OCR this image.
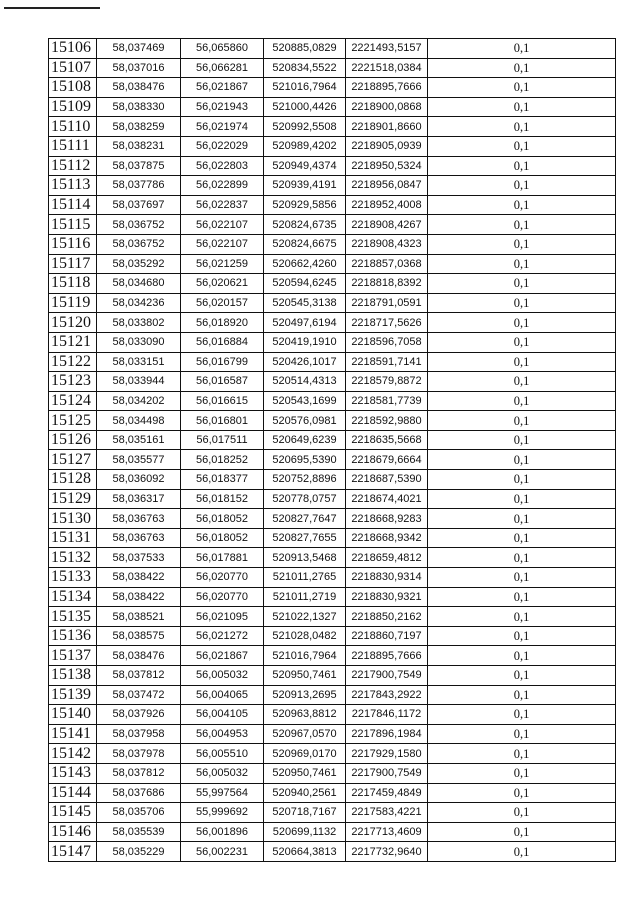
15106	58,037469	56,065860	520885,0829	2221493,5157	0,1
15107	58,037016	56,066281	520834,5522	2221518,0384	0,1
15108	58,038476	56,021867	521016,7964	2218895,7666	0,1
15109	58,038330	56,021943	521000,4426	2218900,0868	0,1
15110	58,038259	56,021974	520992,5508	2218901,8660	0,1
15111	58,038231	56,022029	520989,4202	2218905,0939	0,1
15112	58,037875	56,022803	520949,4374	2218950,5324	0,1
15113	58,037786	56,022899	520939,4191	2218956,0847	0,1
15114	58,037697	56,022837	520929,5856	2218952,4008	0,1
15115	58,036752	56,022107	520824,6735	2218908,4267	0,1
15116	58,036752	56,022107	520824,6675	2218908,4323	0,1
15117	58,035292	56,021259	520662,4260	2218857,0368	0,1
15118	58,034680	56,020621	520594,6245	2218818,8392	0,1
15119	58,034236	56,020157	520545,3138	2218791,0591	0,1
15120	58,033802	56,018920	520497,6194	2218717,5626	0,1
15121	58,033090	56,016884	520419,1910	2218596,7058	0,1
15122	58,033151	56,016799	520426,1017	2218591,7141	0,1
15123	58,033944	56,016587	520514,4313	2218579,8872	0,1
15124	58,034202	56,016615	520543,1699	2218581,7739	0,1
15125	58,034498	56,016801	520576,0981	2218592,9880	0,1
15126	58,035161	56,017511	520649,6239	2218635,5668	0,1
15127	58,035577	56,018252	520695,5390	2218679,6664	0,1
15128	58,036092	56,018377	520752,8896	2218687,5390	0,1
15129	58,036317	56,018152	520778,0757	2218674,4021	0,1
15130	58,036763	56,018052	520827,7647	2218668,9283	0,1
15131	58,036763	56,018052	520827,7655	2218668,9342	0,1
15132	58,037533	56,017881	520913,5468	2218659,4812	0,1
15133	58,038422	56,020770	521011,2765	2218830,9314	0,1
15134	58,038422	56,020770	521011,2719	2218830,9321	0,1
15135	58,038521	56,021095	521022,1327	2218850,2162	0,1
15136	58,038575	56,021272	521028,0482	2218860,7197	0,1
15137	58,038476	56,021867	521016,7964	2218895,7666	0,1
15138	58,037812	56,005032	520950,7461	2217900,7549	0,1
15139	58,037472	56,004065	520913,2695	2217843,2922	0,1
15140	58,037926	56,004105	520963,8812	2217846,1172	0,1
15141	58,037958	56,004953	520967,0570	2217896,1984	0,1
15142	58,037978	56,005510	520969,0170	2217929,1580	0,1
15143	58,037812	56,005032	520950,7461	2217900,7549	0,1
15144	58,037686	55,997564	520940,2561	2217459,4849	0,1
15145	58,035706	55,999692	520718,7167	2217583,4221	0,1
15146	58,035539	56,001896	520699,1132	2217713,4609	0,1
15147	58,035229	56,002231	520664,3813	2217732,9640	0,1
